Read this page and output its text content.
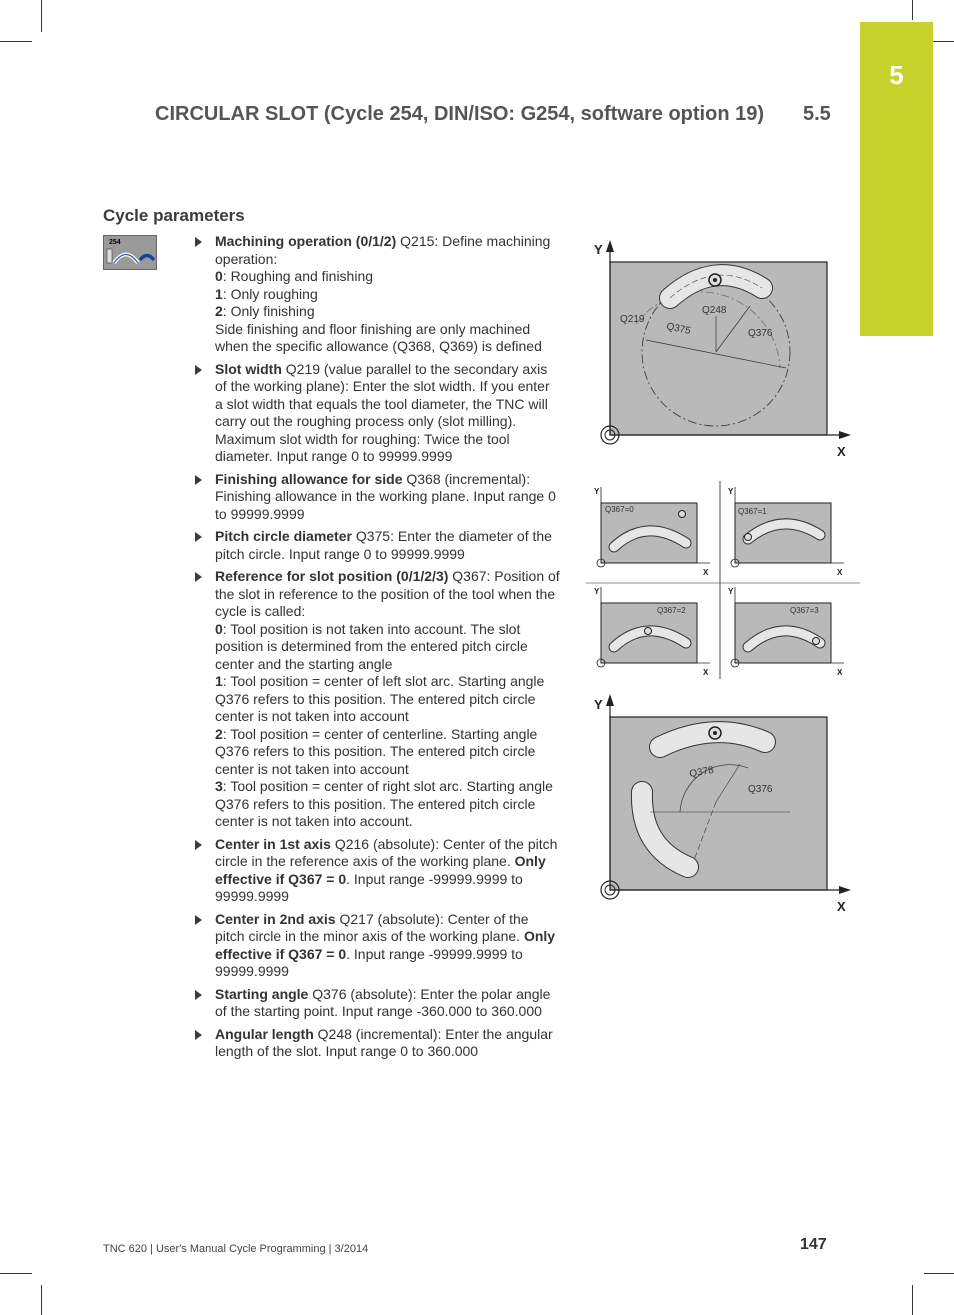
5
CIRCULAR SLOT (Cycle 254, DIN/ISO: G254, software option 19) 5.5
Cycle parameters
254	Machining operation (0/1/2) Q215: Define machining operation:
0: Roughing and finishing
1: Only roughing
2: Only finishing
Side finishing and floor finishing are only machined when the specific allowance (Q368, Q369) is defined
Slot width Q219 (value parallel to the secondary axis of the working plane): Enter the slot width. If you enter a slot width that equals the tool diameter, the TNC will carry out the roughing process only (slot milling). Maximum slot width for roughing: Twice the tool diameter. Input range 0 to 99999.9999
Finishing allowance for side Q368 (incremental): Finishing allowance in the working plane. Input range 0 to 99999.9999
Pitch circle diameter Q375: Enter the diameter of the pitch circle. Input range 0 to 99999.9999
Reference for slot position (0/1/2/3) Q367: Position of the slot in reference to the position of the tool when the cycle is called:
0: Tool position is not taken into account. The slot position is determined from the entered pitch circle center and the starting angle
1: Tool position = center of left slot arc. Starting angle Q376 refers to this position. The entered pitch circle center is not taken into account
2: Tool position = center of centerline. Starting angle Q376 refers to this position. The entered pitch circle center is not taken into account
3: Tool position = center of right slot arc. Starting angle Q376 refers to this position. The entered pitch circle center is not taken into account.
Center in 1st axis Q216 (absolute): Center of the pitch circle in the reference axis of the working plane. Only effective if Q367 = 0. Input range -99999.9999 to 99999.9999
Center in 2nd axis Q217 (absolute): Center of the pitch circle in the minor axis of the working plane. Only effective if Q367 = 0. Input range -99999.9999 to 99999.9999
Starting angle Q376 (absolute): Enter the polar angle of the starting point. Input range -360.000 to 360.000
Angular length Q248 (incremental): Enter the angular length of the slot. Input range 0 to 360.000
Y
X
Q219
Q248
Q375	Q376
Y
X
Q367=0
Y
X
Q367=1
Y
X
Q367=2
Y
X
Q367=3
Y
X
Q378
Q376
TNC 620 | User's Manual Cycle Programming | 3/2014	147
